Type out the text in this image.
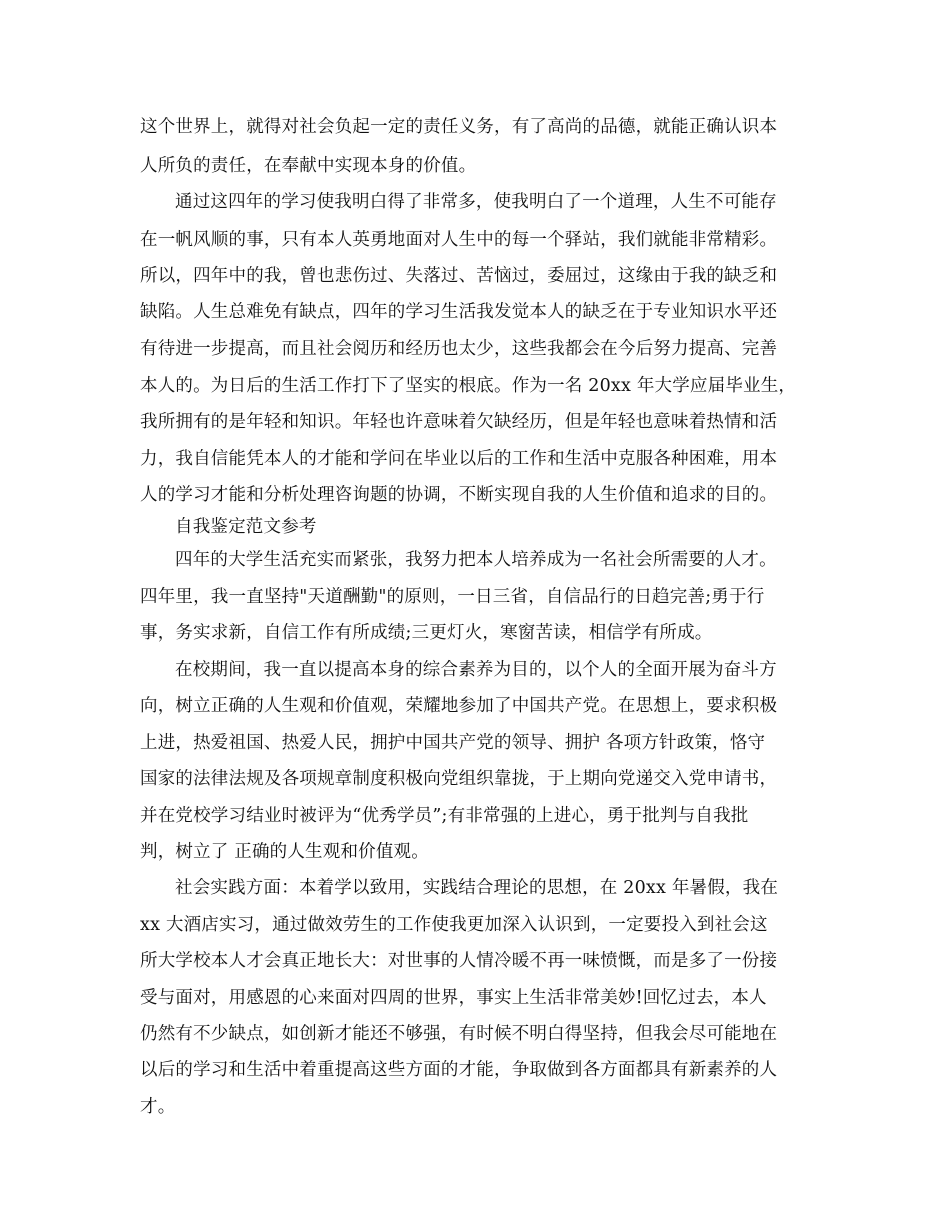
这个世界上，就得对社会负起一定的责任义务，有了高尚的品德，就能正确认识本
人所负的责任，在奉献中实现本身的价值。
通过这四年的学习使我明白得了非常多，使我明白了一个道理，人生不可能存
在一帆风顺的事，只有本人英勇地面对人生中的每一个驿站，我们就能非常精彩。
所以，四年中的我，曾也悲伤过、失落过、苦恼过，委屈过，这缘由于我的缺乏和
缺陷。人生总难免有缺点，四年的学习生活我发觉本人的缺乏在于专业知识水平还
有待进一步提高，而且社会阅历和经历也太少，这些我都会在今后努力提高、完善
本人的。为日后的生活工作打下了坚实的根底。作为一名 20xx 年大学应届毕业生，
我所拥有的是年轻和知识。年轻也许意味着欠缺经历，但是年轻也意味着热情和活
力，我自信能凭本人的才能和学问在毕业以后的工作和生活中克服各种困难，用本
人的学习才能和分析处理咨询题的协调，不断实现自我的人生价值和追求的目的。
自我鉴定范文参考
四年的大学生活充实而紧张，我努力把本人培养成为一名社会所需要的人才。
四年里，我一直坚持"天道酬勤"的原则，一日三省，自信品行的日趋完善;勇于行
事，务实求新，自信工作有所成绩;三更灯火，寒窗苦读，相信学有所成。
在校期间，我一直以提高本身的综合素养为目的，以个人的全面开展为奋斗方
向，树立正确的人生观和价值观，荣耀地参加了中国共产党。在思想上，要求积极
上进，热爱祖国、热爱人民，拥护中国共产党的领导、拥护 各项方针政策，恪守
国家的法律法规及各项规章制度积极向党组织靠拢，于上期向党递交入党申请书，
并在党校学习结业时被评为“优秀学员”;有非常强的上进心，勇于批判与自我批
判，树立了 正确的人生观和价值观。
社会实践方面：本着学以致用，实践结合理论的思想，在 20xx 年暑假，我在
xx 大酒店实习，通过做效劳生的工作使我更加深入认识到，一定要投入到社会这
所大学校本人才会真正地长大：对世事的人情冷暖不再一味愤慨，而是多了一份接
受与面对，用感恩的心来面对四周的世界，事实上生活非常美妙!回忆过去，本人
仍然有不少缺点，如创新才能还不够强，有时候不明白得坚持，但我会尽可能地在
以后的学习和生活中着重提高这些方面的才能，争取做到各方面都具有新素养的人
才。
